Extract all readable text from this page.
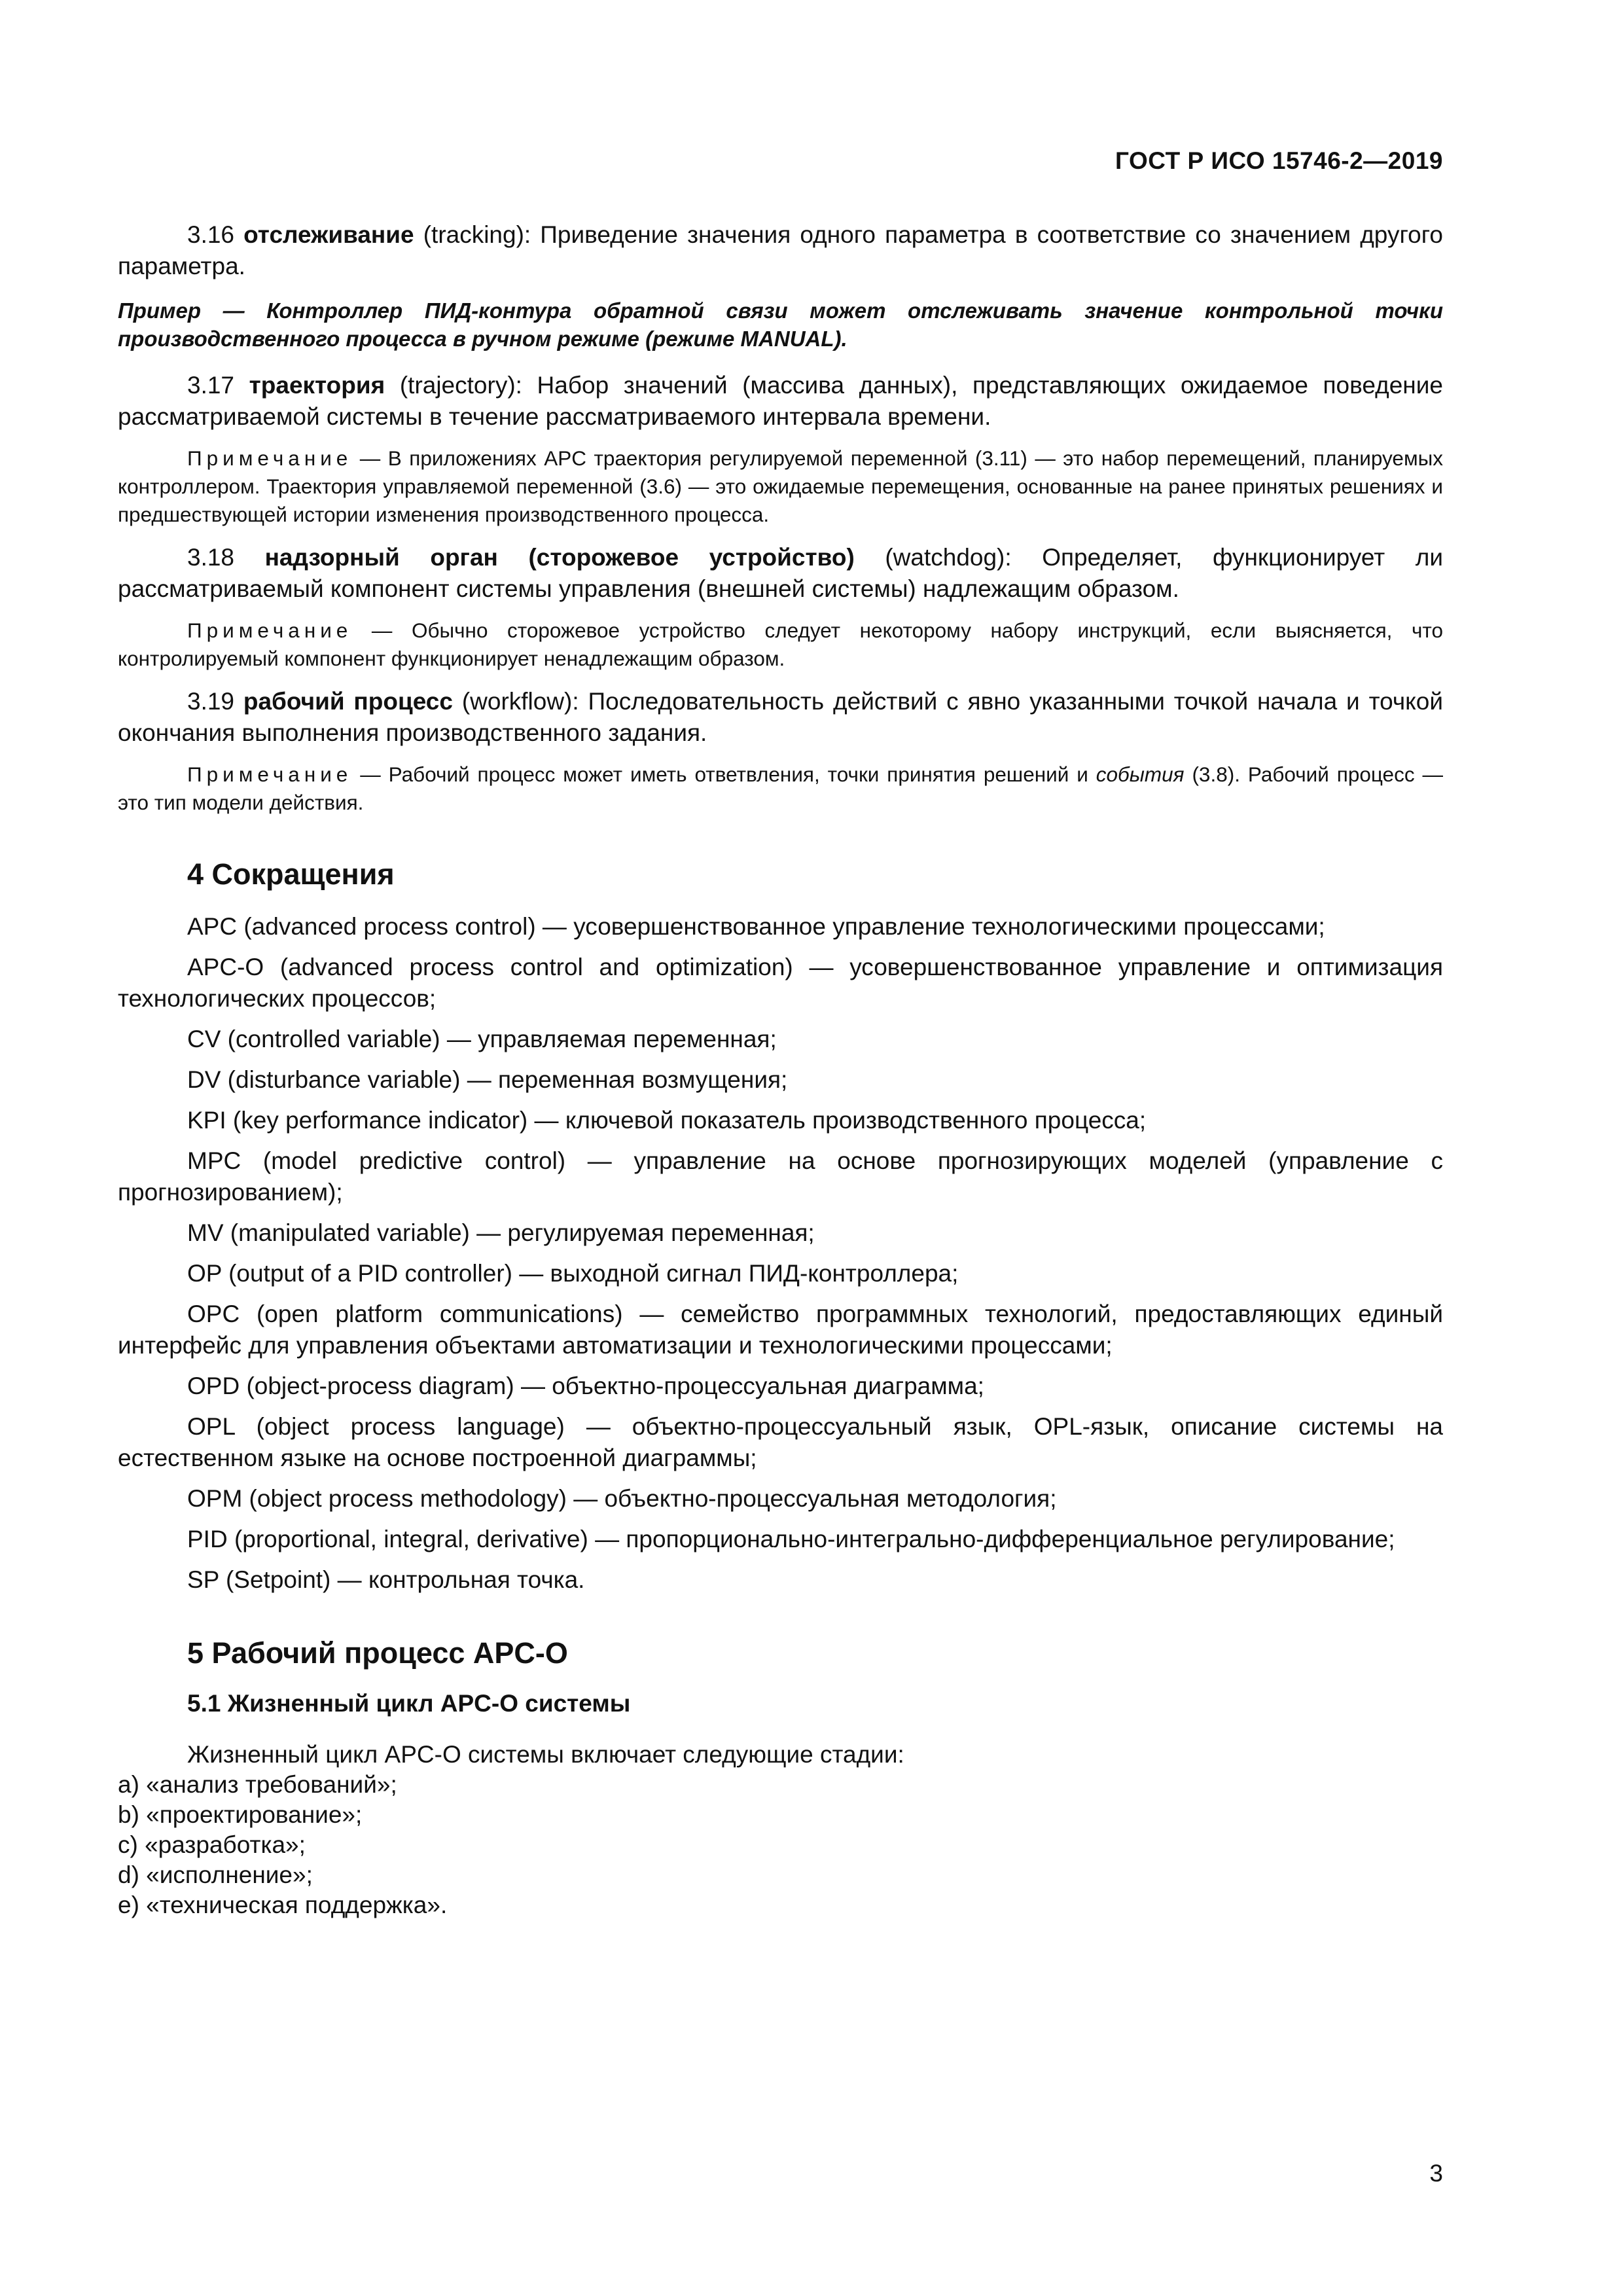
ГОСТ Р ИСО 15746-2—2019

3.16 отслеживание (tracking): Приведение значения одного параметра в соответствие со значением другого параметра.

Пример — Контроллер ПИД-контура обратной связи может отслеживать значение контрольной точки производственного процесса в ручном режиме (режиме MANUAL).

3.17 траектория (trajectory): Набор значений (массива данных), представляющих ожидаемое поведение рассматриваемой системы в течение рассматриваемого интервала времени.

Примечание — В приложениях APC траектория регулируемой переменной (3.11) — это набор перемещений, планируемых контроллером. Траектория управляемой переменной (3.6) — это ожидаемые перемещения, основанные на ранее принятых решениях и предшествующей истории изменения производственного процесса.

3.18 надзорный орган (сторожевое устройство) (watchdog): Определяет, функционирует ли рассматриваемый компонент системы управления (внешней системы) надлежащим образом.

Примечание — Обычно сторожевое устройство следует некоторому набору инструкций, если выясняется, что контролируемый компонент функционирует ненадлежащим образом.

3.19 рабочий процесс (workflow): Последовательность действий с явно указанными точкой начала и точкой окончания выполнения производственного задания.

Примечание — Рабочий процесс может иметь ответвления, точки принятия решений и события (3.8). Рабочий процесс — это тип модели действия.

4 Сокращения

APC (advanced process control) — усовершенствованное управление технологическими процессами;

APC-O (advanced process control and optimization) — усовершенствованное управление и оптимизация технологических процессов;

CV (controlled variable) — управляемая переменная;

DV (disturbance variable) — переменная возмущения;

KPI (key performance indicator) — ключевой показатель производственного процесса;

MPC (model predictive control) — управление на основе прогнозирующих моделей (управление с прогнозированием);

MV (manipulated variable) — регулируемая переменная;

OP (output of a PID controller) — выходной сигнал ПИД-контроллера;

OPC (open platform communications) — семейство программных технологий, предоставляющих единый интерфейс для управления объектами автоматизации и технологическими процессами;

OPD (object-process diagram) — объектно-процессуальная диаграмма;

OPL (object process language) — объектно-процессуальный язык, OPL-язык, описание системы на естественном языке на основе построенной диаграммы;

OPM (object process methodology) — объектно-процессуальная методология;

PID (proportional, integral, derivative) — пропорционально-интегрально-дифференциальное регулирование;

SP (Setpoint) — контрольная точка.

5 Рабочий процесс APC-O
5.1 Жизненный цикл APC-O системы

Жизненный цикл APC-O системы включает следующие стадии:

a) «анализ требований»;
b) «проектирование»;
c) «разработка»;
d) «исполнение»;
e) «техническая поддержка».
3
